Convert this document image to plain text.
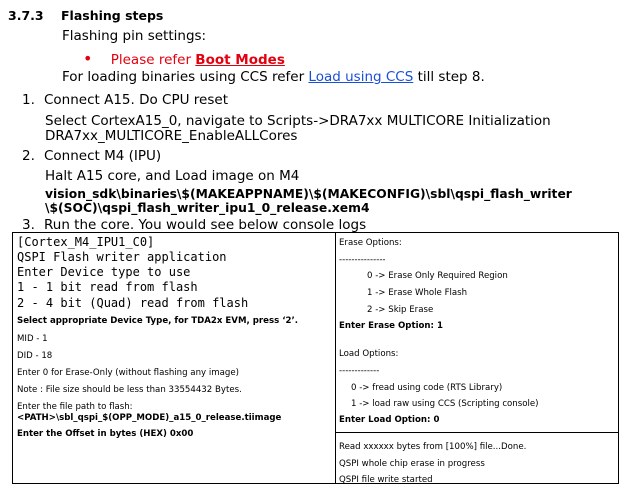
3.7.3 Flashing steps
Flashing pin settings:
• Please refer Boot Modes
For loading binaries using CCS refer Load using CCS till step 8.
1. Connect A15. Do CPU reset
Select CortexA15_0, navigate to Scripts->DRA7xx MULTICORE Initialization
DRA7xx_MULTICORE_EnableALLCores
2. Connect M4 (IPU)
Halt A15 core, and Load image on M4
vision_sdk\binaries\$(MAKEAPPNAME)\$(MAKECONFIG)\sbl\qspi_flash_writer
\$(SOC)\qspi_flash_writer_ipu1_0_release.xem4
3. Run the core. You would see below console logs
[Cortex_M4_IPU1_C0]
QSPI Flash writer application
Enter Device type to use
1 - 1 bit read from flash
2 - 4 bit (Quad) read from flash
Select appropriate Device Type, for TDA2x EVM, press ‘2’.
MID - 1
DID - 18
Enter 0 for Erase-Only (without flashing any image)
Note : File size should be less than 33554432 Bytes.
Enter the file path to flash:
<PATH>\sbl_qspi_$(OPP_MODE)_a15_0_release.tiimage
Enter the Offset in bytes (HEX) 0x00

Erase Options:
---------------
0 -> Erase Only Required Region
1 -> Erase Whole Flash
2 -> Skip Erase
Enter Erase Option: 1
Load Options:
-------------
0 -> fread using code (RTS Library)
1 -> load raw using CCS (Scripting console)
Enter Load Option: 0
Read xxxxxx bytes from [100%] file...Done.
QSPI whole chip erase in progress
QSPI file write started
